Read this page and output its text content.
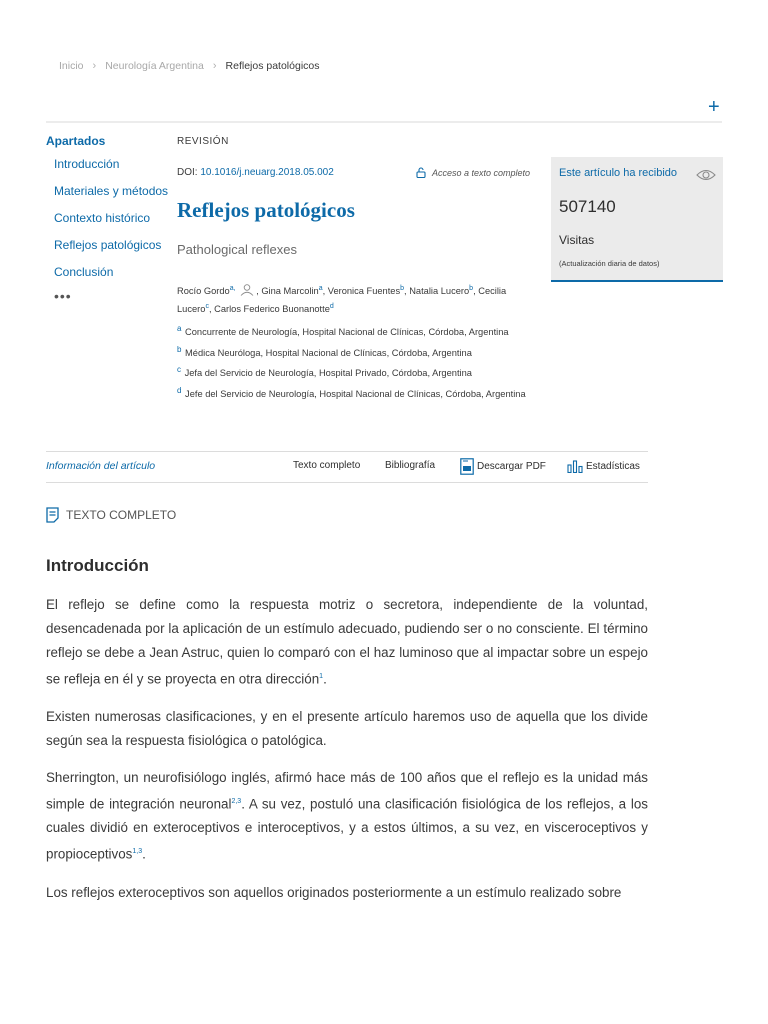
Inicio › Neurología Argentina › Reflejos patológicos
+
Apartados
Introducción
Materiales y métodos
Contexto histórico
Reflejos patológicos
Conclusión
•••
REVISIÓN
DOI: 10.1016/j.neuarg.2018.05.002	Acceso a texto completo
Reflejos patológicos
Pathological reflexes
Rocío Gordo$^{a,}$ , Gina Marcolin$^a$, Veronica Fuentes$^b$, Natalia Lucero$^b$, Cecilia Lucero$^c$, Carlos Federico Buonanotte$^d$
$^a$ Concurrente de Neurología, Hospital Nacional de Clínicas, Córdoba, Argentina
$^b$ Médica Neuróloga, Hospital Nacional de Clínicas, Córdoba, Argentina
$^c$ Jefa del Servicio de Neurología, Hospital Privado, Córdoba, Argentina
$^d$ Jefe del Servicio de Neurología, Hospital Nacional de Clínicas, Córdoba, Argentina
Este artículo ha recibido
507140
Visitas
(Actualización diaria de datos)
Información del artículo	Texto completo Bibliografía	Descargar PDF	Estadísticas
TEXTO COMPLETO
Introducción

El reflejo se define como la respuesta motriz o secretora, independiente de la voluntad, desencadenada por la aplicación de un estímulo adecuado, pudiendo ser o no consciente. El término reflejo se debe a Jean Astruc, quien lo comparó con el haz luminoso que al impactar sobre un espejo se refleja en él y se proyecta en otra dirección$^1$.

Existen numerosas clasificaciones, y en el presente artículo haremos uso de aquella que los divide según sea la respuesta fisiológica o patológica.

Sherrington, un neurofisiólogo inglés, afirmó hace más de 100 años que el reflejo es la unidad más simple de integración neuronal$^{2,3}$. A su vez, postuló una clasificación fisiológica de los reflejos, a los cuales dividió en exteroceptivos e interoceptivos, y a estos últimos, a su vez, en visceroceptivos y propioceptivos$^{1,3}$.

Los reflejos exteroceptivos son aquellos originados posteriormente a un estímulo realizado sobre
